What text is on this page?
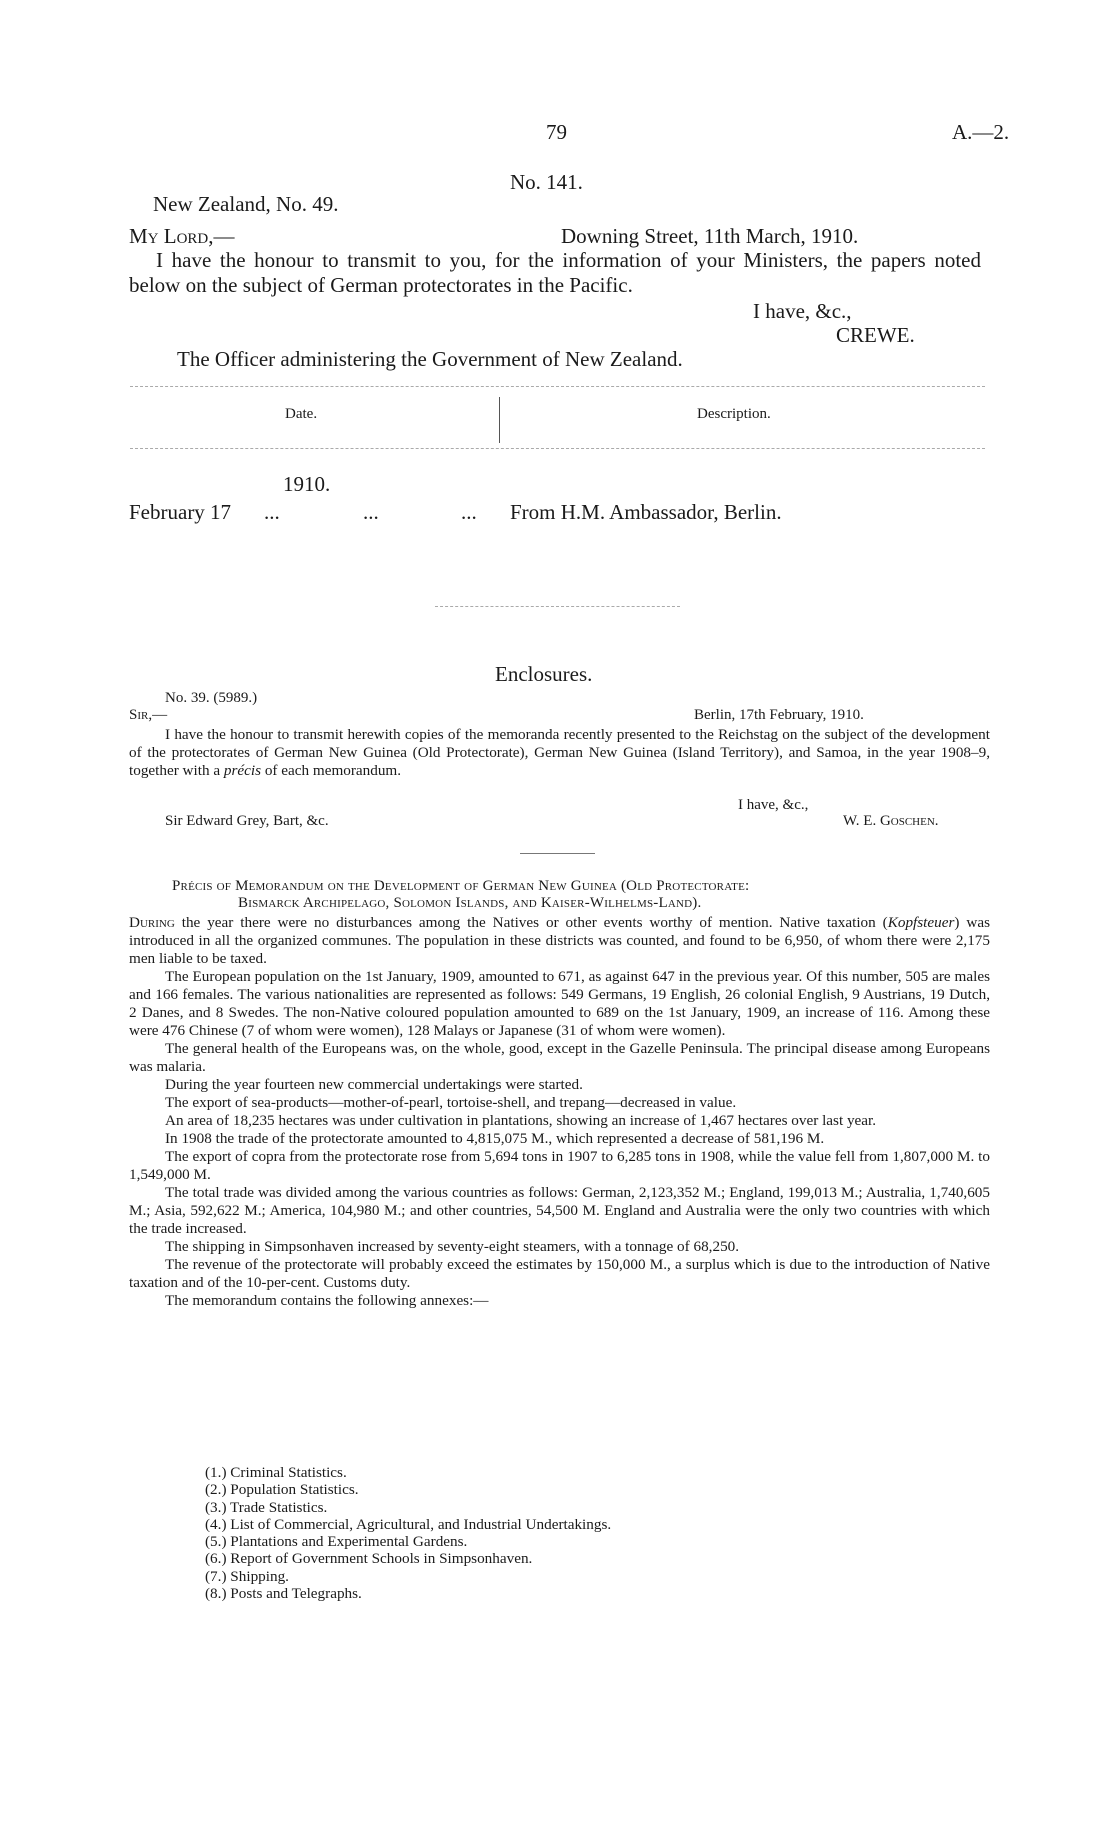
79	A.—2.
No. 141.
New Zealand, No. 49.
My Lord,—	Downing Street, 11th March, 1910.
I have the honour to transmit to you, for the information of your Ministers, the papers noted below on the subject of German protectorates in the Pacific.
I have, &c.,
CREWE.
The Officer administering the Government of New Zealand.
Date.	Description.
1910.
February 17 ...	...	... From H.M. Ambassador, Berlin.
Enclosures.
No. 39. (5989.)
Sir,—	Berlin, 17th February, 1910.

I have the honour to transmit herewith copies of the memoranda recently presented to the Reichstag on the subject of the development of the protectorates of German New Guinea (Old Protectorate), German New Guinea (Island Territory), and Samoa, in the year 1908–9, together with a précis of each memorandum.

I have, &c.,
Sir Edward Grey, Bart, &c.	W. E. Goschen.
Précis of Memorandum on the Development of German New Guinea (Old Protectorate:
Bismarck Archipelago, Solomon Islands, and Kaiser-Wilhelms-Land).

During the year there were no disturbances among the Natives or other events worthy of mention. Native taxation (Kopfsteuer) was introduced in all the organized communes. The population in these districts was counted, and found to be 6,950, of whom there were 2,175 men liable to be taxed.

The European population on the 1st January, 1909, amounted to 671, as against 647 in the previous year. Of this number, 505 are males and 166 females. The various nationalities are represented as follows: 549 Germans, 19 English, 26 colonial English, 9 Austrians, 19 Dutch, 2 Danes, and 8 Swedes. The non-Native coloured population amounted to 689 on the 1st January, 1909, an increase of 116. Among these were 476 Chinese (7 of whom were women), 128 Malays or Japanese (31 of whom were women).

The general health of the Europeans was, on the whole, good, except in the Gazelle Peninsula. The principal disease among Europeans was malaria.

During the year fourteen new commercial undertakings were started.

The export of sea-products—mother-of-pearl, tortoise-shell, and trepang—decreased in value.

An area of 18,235 hectares was under cultivation in plantations, showing an increase of 1,467 hectares over last year.

In 1908 the trade of the protectorate amounted to 4,815,075 M., which represented a decrease of 581,196 M.

The export of copra from the protectorate rose from 5,694 tons in 1907 to 6,285 tons in 1908, while the value fell from 1,807,000 M. to 1,549,000 M.

The total trade was divided among the various countries as follows: German, 2,123,352 M.; England, 199,013 M.; Australia, 1,740,605 M.; Asia, 592,622 M.; America, 104,980 M.; and other countries, 54,500 M. England and Australia were the only two countries with which the trade increased.

The shipping in Simpsonhaven increased by seventy-eight steamers, with a tonnage of 68,250.

The revenue of the protectorate will probably exceed the estimates by 150,000 M., a surplus which is due to the introduction of Native taxation and of the 10-per-cent. Customs duty.

The memorandum contains the following annexes:—

(1.) Criminal Statistics.
(2.) Population Statistics.
(3.) Trade Statistics.
(4.) List of Commercial, Agricultural, and Industrial Undertakings.
(5.) Plantations and Experimental Gardens.
(6.) Report of Government Schools in Simpsonhaven.
(7.) Shipping.
(8.) Posts and Telegraphs.
